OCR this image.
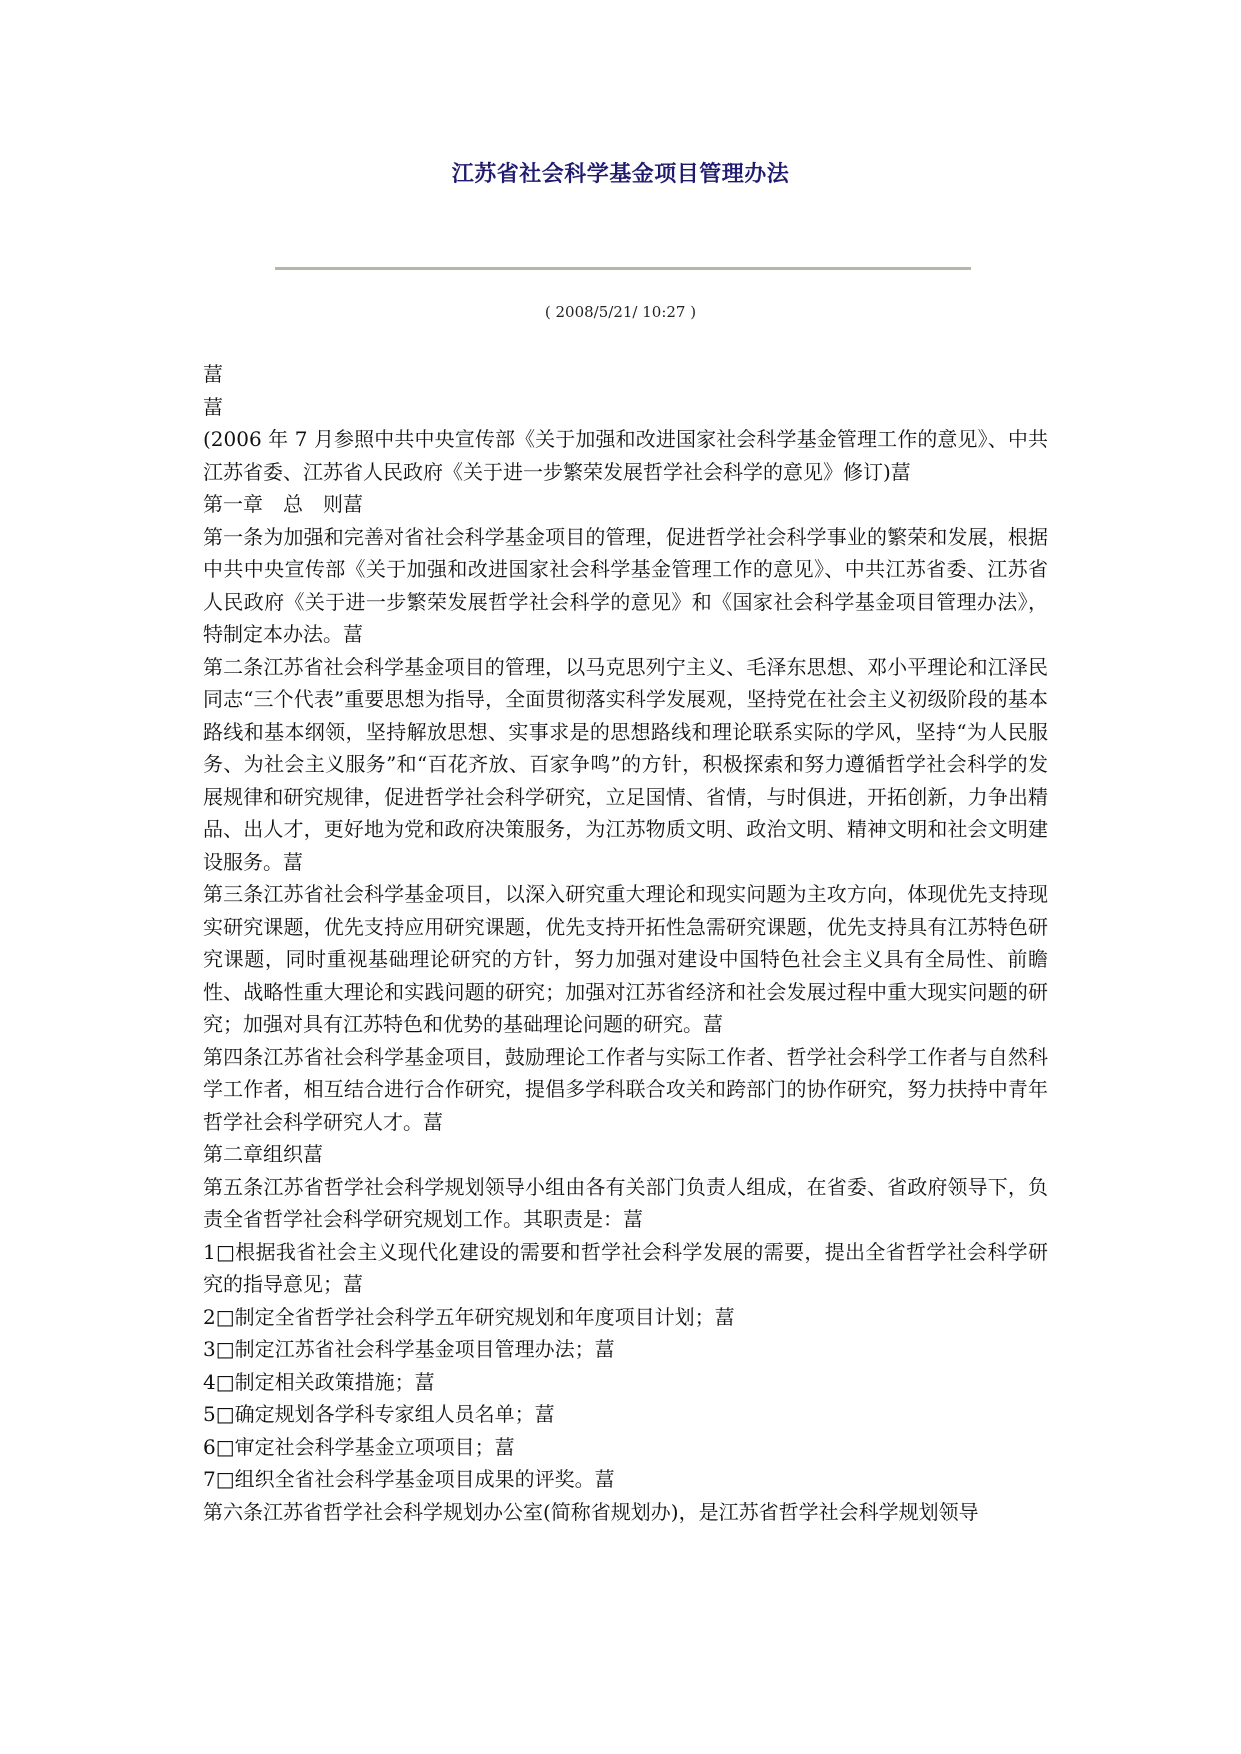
江苏省社会科学基金项目管理办法
( 2008/5/21/ 10:27 )

葍

葍

(2006 年 7 月参照中共中央宣传部《关于加强和改进国家社会科学基金管理工作的意见》、中共江苏省委、江苏省人民政府《关于进一步繁荣发展哲学社会科学的意见》修订)葍

第一章　总　则葍

第一条为加强和完善对省社会科学基金项目的管理，促进哲学社会科学事业的繁荣和发展，根据中共中央宣传部《关于加强和改进国家社会科学基金管理工作的意见》、中共江苏省委、江苏省人民政府《关于进一步繁荣发展哲学社会科学的意见》和《国家社会科学基金项目管理办法》，特制定本办法。葍

第二条江苏省社会科学基金项目的管理，以马克思列宁主义、毛泽东思想、邓小平理论和江泽民同志“三个代表”重要思想为指导，全面贯彻落实科学发展观，坚持党在社会主义初级阶段的基本路线和基本纲领，坚持解放思想、实事求是的思想路线和理论联系实际的学风，坚持“为人民服务、为社会主义服务”和“百花齐放、百家争鸣”的方针，积极探索和努力遵循哲学社会科学的发展规律和研究规律，促进哲学社会科学研究，立足国情、省情，与时俱进，开拓创新，力争出精品、出人才，更好地为党和政府决策服务，为江苏物质文明、政治文明、精神文明和社会文明建设服务。葍

第三条江苏省社会科学基金项目，以深入研究重大理论和现实问题为主攻方向，体现优先支持现实研究课题，优先支持应用研究课题，优先支持开拓性急需研究课题，优先支持具有江苏特色研究课题，同时重视基础理论研究的方针，努力加强对建设中国特色社会主义具有全局性、前瞻性、战略性重大理论和实践问题的研究；加强对江苏省经济和社会发展过程中重大现实问题的研究；加强对具有江苏特色和优势的基础理论问题的研究。葍

第四条江苏省社会科学基金项目，鼓励理论工作者与实际工作者、哲学社会科学工作者与自然科学工作者，相互结合进行合作研究，提倡多学科联合攻关和跨部门的协作研究，努力扶持中青年哲学社会科学研究人才。葍

第二章组织葍

第五条江苏省哲学社会科学规划领导小组由各有关部门负责人组成，在省委、省政府领导下，负责全省哲学社会科学研究规划工作。其职责是：葍

1□根据我省社会主义现代化建设的需要和哲学社会科学发展的需要，提出全省哲学社会科学研究的指导意见；葍

2□制定全省哲学社会科学五年研究规划和年度项目计划；葍

3□制定江苏省社会科学基金项目管理办法；葍

4□制定相关政策措施；葍

5□确定规划各学科专家组人员名单；葍

6□审定社会科学基金立项项目；葍

7□组织全省社会科学基金项目成果的评奖。葍

第六条江苏省哲学社会科学规划办公室(简称省规划办)，是江苏省哲学社会科学规划领导
